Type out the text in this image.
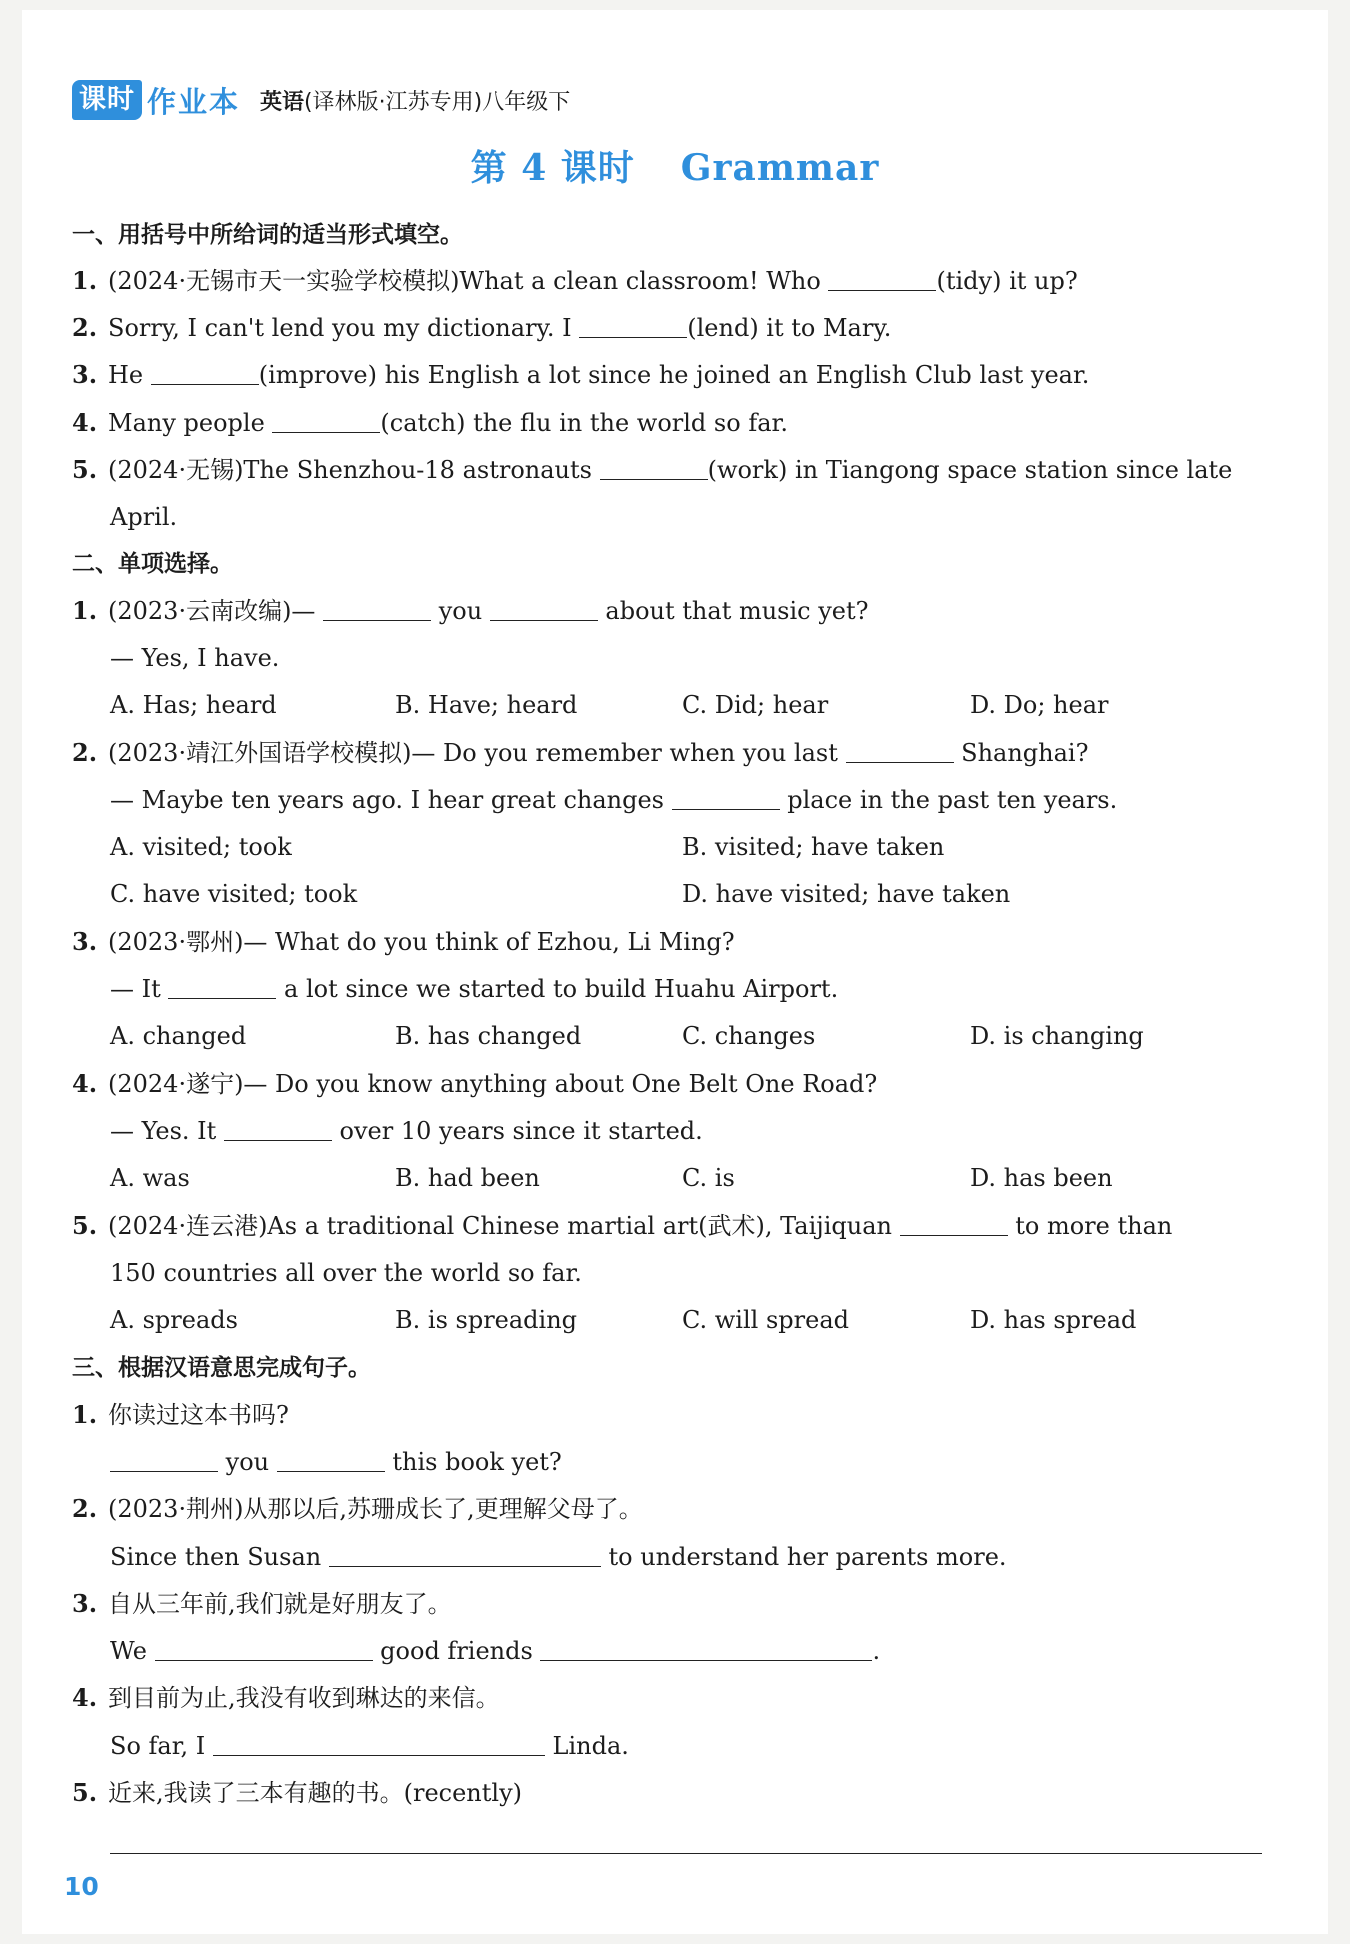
课时 作业本 英语(译林版·江苏专用)八年级下
第 4 课时 Grammar
一、用括号中所给词的适当形式填空。
1. (2024·无锡市天一实验学校模拟)What a clean classroom! Who	(tidy) it up?
2. Sorry, I can't lend you my dictionary. I	(lend) it to Mary.
3. He	(improve) his English a lot since he joined an English Club last year.
4. Many people	(catch) the flu in the world so far.
5. (2024·无锡)The Shenzhou-18 astronauts	(work) in Tiangong space station since late
April.
二、单项选择。
1. (2023·云南改编)—	you	about that music yet?
— Yes, I have.
A. Has; heard	B. Have; heard	C. Did; hear	D. Do; hear
2. (2023·靖江外国语学校模拟)— Do you remember when you last	Shanghai?
— Maybe ten years ago. I hear great changes	place in the past ten years.
A. visited; took	B. visited; have taken
C. have visited; took	D. have visited; have taken
3. (2023·鄂州)— What do you think of Ezhou, Li Ming?
— It	a lot since we started to build Huahu Airport.
A. changed	B. has changed	C. changes	D. is changing
4. (2024·遂宁)— Do you know anything about One Belt One Road?
— Yes. It	over 10 years since it started.
A. was	B. had been	C. is	D. has been
5. (2024·连云港)As a traditional Chinese martial art(武术), Taijiquan	to more than
150 countries all over the world so far.
A. spreads	B. is spreading	C. will spread	D. has spread
三、根据汉语意思完成句子。
1. 你读过这本书吗?
you	this book yet?
2. (2023·荆州)从那以后,苏珊成长了,更理解父母了。
Since then Susan	to understand her parents more.
3. 自从三年前,我们就是好朋友了。
We	good friends	.
4. 到目前为止,我没有收到琳达的来信。
So far, I	Linda.
5. 近来,我读了三本有趣的书。(recently)
10
